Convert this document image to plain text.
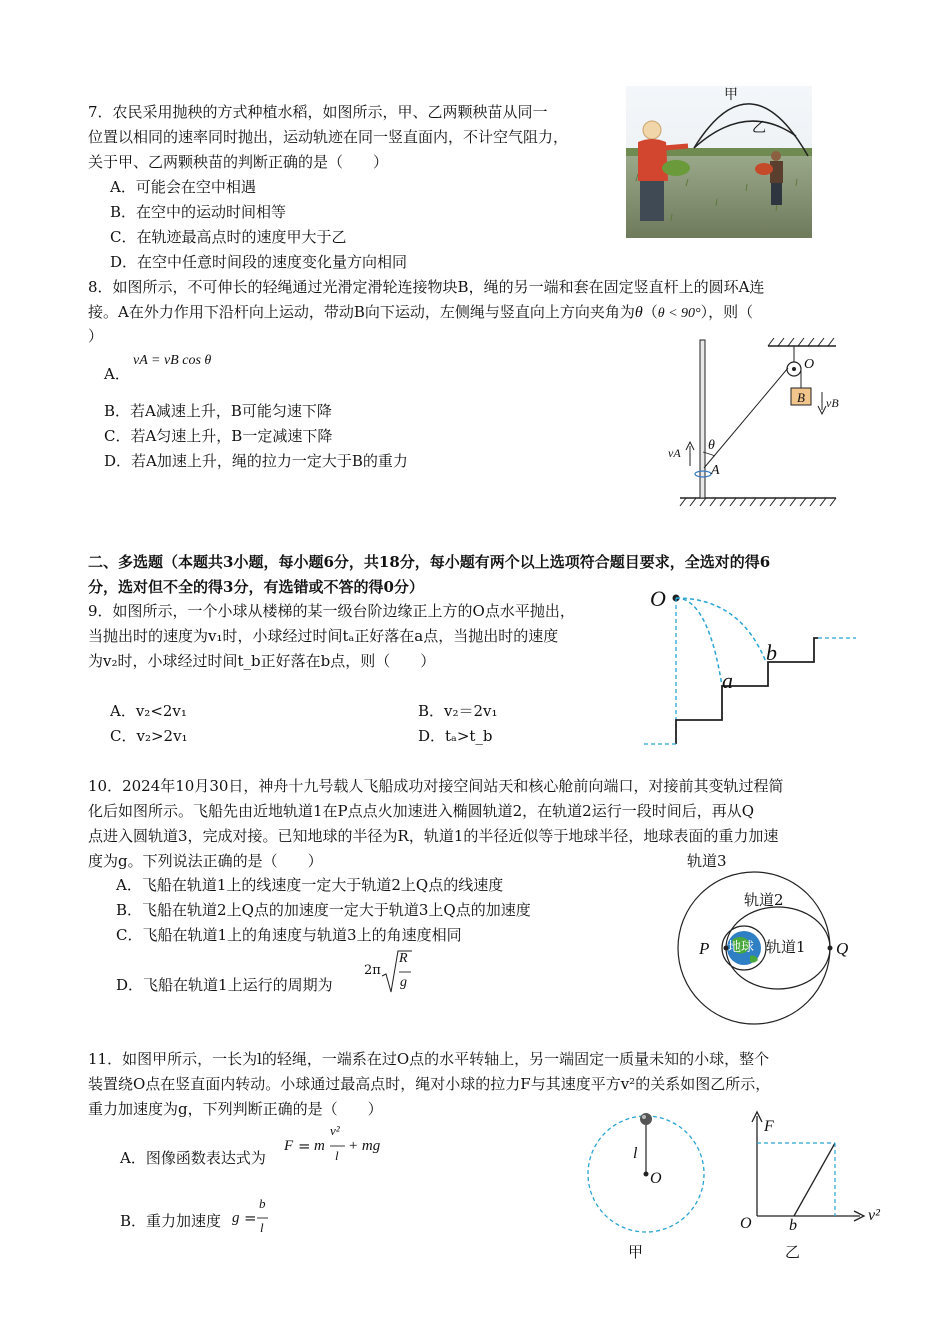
7．农民采用抛秧的方式种植水稻，如图所示，甲、乙两颗秧苗从同一
位置以相同的速率同时抛出，运动轨迹在同一竖直面内，不计空气阻力，
关于甲、乙两颗秧苗的判断正确的是（　　）
A．可能会在空中相遇
B．在空中的运动时间相等
C．在轨迹最高点时的速度甲大于乙
D．在空中任意时间段的速度变化量方向相同
甲
乙
8．如图所示，不可伸长的轻绳通过光滑定滑轮连接物块B，绳的另一端和套在固定竖直杆上的圆环A连
接。A在外力作用下沿杆向上运动，带动B向下运动，左侧绳与竖直向上方向夹角为θ（θ < 90°），则（
）
A．
vA = vB cos θ
B．若A减速上升，B可能匀速下降
C．若A匀速上升，B一定减速下降
D．若A加速上升，绳的拉力一定大于B的重力
O
B vB
vA θ
A
二、多选题（本题共3小题，每小题6分，共18分，每小题有两个以上选项符合题目要求，全选对的得6
分，选对但不全的得3分，有选错或不答的得0分）
9．如图所示，一个小球从楼梯的某一级台阶边缘正上方的O点水平抛出，
当抛出时的速度为v₁时，小球经过时间tₐ正好落在a点，当抛出时的速度
为v₂时，小球经过时间t_b正好落在b点，则（　　）
A．v₂<2v₁	B．v₂＝2v₁
C．v₂>2v₁	D．tₐ>t_b
O
a
b
10．2024年10月30日，神舟十九号载人飞船成功对接空间站天和核心舱前向端口，对接前其变轨过程简
化后如图所示。飞船先由近地轨道1在P点点火加速进入椭圆轨道2，在轨道2运行一段时间后，再从Q
点进入圆轨道3，完成对接。已知地球的半径为R，轨道1的半径近似等于地球半径，地球表面的重力加速
度为g。下列说法正确的是（　　）
A．飞船在轨道1上的线速度一定大于轨道2上Q点的线速度
B．飞船在轨道2上Q点的加速度一定大于轨道3上Q点的加速度
C．飞船在轨道1上的角速度与轨道3上的角速度相同
D．飞船在轨道1上运行的周期为
2π
R
g
轨道3
轨道2
轨道1
地球
P	Q
11．如图甲所示，一长为l的轻绳，一端系在过O点的水平转轴上，另一端固定一质量未知的小球，整个
装置绕O点在竖直面内转动。小球通过最高点时，绳对小球的拉力F与其速度平方v²的关系如图乙所示，
重力加速度为g，下列判断正确的是（　　）
A．图像函数表达式为
F = m
v²
l
+ mg
B．重力加速度 g =
b
l
l
O
甲
F
O b
v²
乙
